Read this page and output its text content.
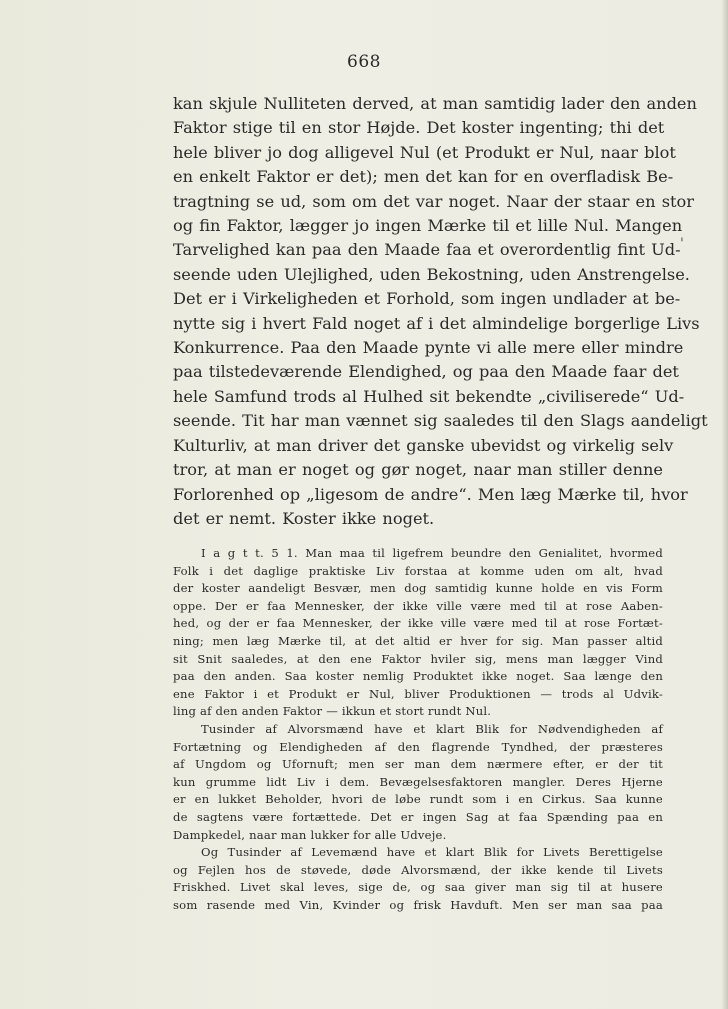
668
'
kan skjule Nulliteten derved, at man samtidig lader den anden
Faktor stige til en stor Højde. Det koster ingenting; thi det
hele bliver jo dog alligevel Nul (et Produkt er Nul, naar blot
en enkelt Faktor er det); men det kan for en overfladisk Be-
tragtning se ud, som om det var noget. Naar der staar en stor
og fin Faktor, lægger jo ingen Mærke til et lille Nul. Mangen
Tarvelighed kan paa den Maade faa et overordentlig fint Ud-
seende uden Ulejlighed, uden Bekostning, uden Anstrengelse.
Det er i Virkeligheden et Forhold, som ingen undlader at be-
nytte sig i hvert Fald noget af i det almindelige borgerlige Livs
Konkurrence. Paa den Maade pynte vi alle mere eller mindre
paa tilstedeværende Elendighed, og paa den Maade faar det
hele Samfund trods al Hulhed sit bekendte „civiliserede“ Ud-
seende. Tit har man vænnet sig saaledes til den Slags aandeligt
Kulturliv, at man driver det ganske ubevidst og virkelig selv
tror, at man er noget og gør noget, naar man stiller denne
Forlorenhed op „ligesom de andre“. Men læg Mærke til, hvor
det er nemt. Koster ikke noget.
I a g t t. 5 1. Man maa til ligefrem beundre den Genialitet, hvormed
Folk i det daglige praktiske Liv forstaa at komme uden om alt, hvad
der koster aandeligt Besvær, men dog samtidig kunne holde en vis Form
oppe. Der er faa Mennesker, der ikke ville være med til at rose Aaben-
hed, og der er faa Mennesker, der ikke ville være med til at rose Fortæt-
ning; men læg Mærke til, at det altid er hver for sig. Man passer altid
sit Snit saaledes, at den ene Faktor hviler sig, mens man lægger Vind
paa den anden. Saa koster nemlig Produktet ikke noget. Saa længe den
ene Faktor i et Produkt er Nul, bliver Produktionen — trods al Udvik-
ling af den anden Faktor — ikkun et stort rundt Nul.
Tusinder af Alvorsmænd have et klart Blik for Nødvendigheden af
Fortætning og Elendigheden af den flagrende Tyndhed, der præsteres
af Ungdom og Ufornuft; men ser man dem nærmere efter, er der tit
kun grumme lidt Liv i dem. Bevægelsesfaktoren mangler. Deres Hjerne
er en lukket Beholder, hvori de løbe rundt som i en Cirkus. Saa kunne
de sagtens være fortættede. Det er ingen Sag at faa Spænding paa en
Dampkedel, naar man lukker for alle Udveje.
Og Tusinder af Levemænd have et klart Blik for Livets Berettigelse
og Fejlen hos de støvede, døde Alvorsmænd, der ikke kende til Livets
Friskhed. Livet skal leves, sige de, og saa giver man sig til at husere
som rasende med Vin, Kvinder og frisk Havduft. Men ser man saa paa
